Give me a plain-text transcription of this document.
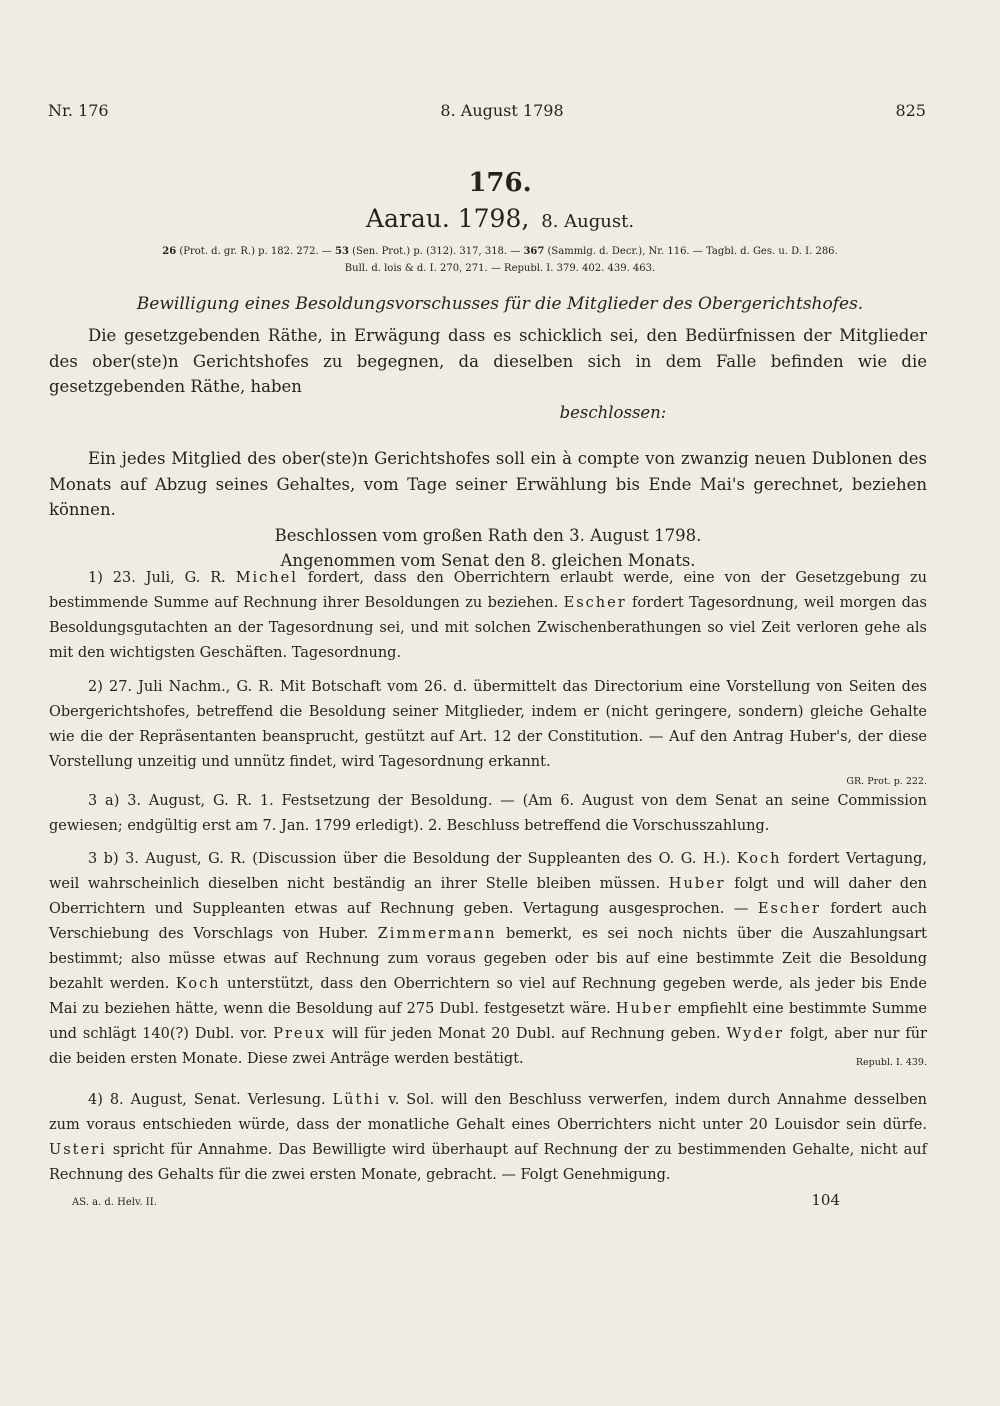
Nr. 176	8. August 1798	825
176.
Aarau. 1798, 8. August.
26 (Prot. d. gr. R.) p. 182. 272. — 53 (Sen. Prot.) p. (312). 317, 318. — 367 (Sammlg. d. Decr.), Nr. 116. — Tagbl. d. Ges. u. D. I. 286.
Bull. d. lois & d. I. 270, 271. — Republ. I. 379. 402. 439. 463.
Bewilligung eines Besoldungsvorschusses für die Mitglieder des Obergerichtshofes.

Die gesetzgebenden Räthe, in Erwägung dass es schicklich sei, den Bedürfnissen der Mitglieder des ober(ste)n Gerichtshofes zu begegnen, da dieselben sich in dem Falle befinden wie die gesetzgebenden Räthe, haben

beschlossen:

Ein jedes Mitglied des ober(ste)n Gerichtshofes soll ein à compte von zwanzig neuen Dublonen des Monats auf Abzug seines Gehaltes, vom Tage seiner Erwählung bis Ende Mai's gerechnet, beziehen können.

Beschlossen vom großen Rath den 3. August 1798.
Angenommen vom Senat den 8. gleichen Monats.

1) 23. Juli, G. R. Michel fordert, dass den Oberrichtern erlaubt werde, eine von der Gesetzgebung zu bestimmende Summe auf Rechnung ihrer Besoldungen zu beziehen. Escher fordert Tagesordnung, weil morgen das Besoldungsgutachten an der Tagesordnung sei, und mit solchen Zwischenberathungen so viel Zeit verloren gehe als mit den wichtigsten Geschäften. Tagesordnung.

2) 27. Juli Nachm., G. R. Mit Botschaft vom 26. d. übermittelt das Directorium eine Vorstellung von Seiten des Obergerichtshofes, betreffend die Besoldung seiner Mitglieder, indem er (nicht geringere, sondern) gleiche Gehalte wie die der Repräsentanten beansprucht, gestützt auf Art. 12 der Constitution. — Auf den Antrag Huber's, der diese Vorstellung unzeitig und unnütz findet, wird Tagesordnung erkannt.

GR. Prot. p. 222.

3 a) 3. August, G. R. 1. Festsetzung der Besoldung. — (Am 6. August von dem Senat an seine Commission gewiesen; endgültig erst am 7. Jan. 1799 erledigt). 2. Beschluss betreffend die Vorschusszahlung.

3 b) 3. August, G. R. (Discussion über die Besoldung der Suppleanten des O. G. H.). Koch fordert Vertagung, weil wahrscheinlich dieselben nicht beständig an ihrer Stelle bleiben müssen. Huber folgt und will daher den Oberrichtern und Suppleanten etwas auf Rechnung geben. Vertagung ausgesprochen. — Escher fordert auch Verschiebung des Vorschlags von Huber. Zimmermann bemerkt, es sei noch nichts über die Auszahlungsart bestimmt; also müsse etwas auf Rechnung zum voraus gegeben oder bis auf eine bestimmte Zeit die Besoldung bezahlt werden. Koch unterstützt, dass den Oberrichtern so viel auf Rechnung gegeben werde, als jeder bis Ende Mai zu beziehen hätte, wenn die Besoldung auf 275 Dubl. festgesetzt wäre. Huber empfiehlt eine bestimmte Summe und schlägt 140(?) Dubl. vor. Preux will für jeden Monat 20 Dubl. auf Rechnung geben. Wyder folgt, aber nur für die beiden ersten Monate. Diese zwei Anträge werden bestätigt.	Republ. I. 439.

4) 8. August, Senat. Verlesung. Lüthi v. Sol. will den Beschluss verwerfen, indem durch Annahme desselben zum voraus entschieden würde, dass der monatliche Gehalt eines Oberrichters nicht unter 20 Louisdor sein dürfe. Usteri spricht für Annahme. Das Bewilligte wird überhaupt auf Rechnung der zu bestimmenden Gehalte, nicht auf Rechnung des Gehalts für die zwei ersten Monate, gebracht. — Folgt Genehmigung.

AS. a. d. Helv. II.	104
